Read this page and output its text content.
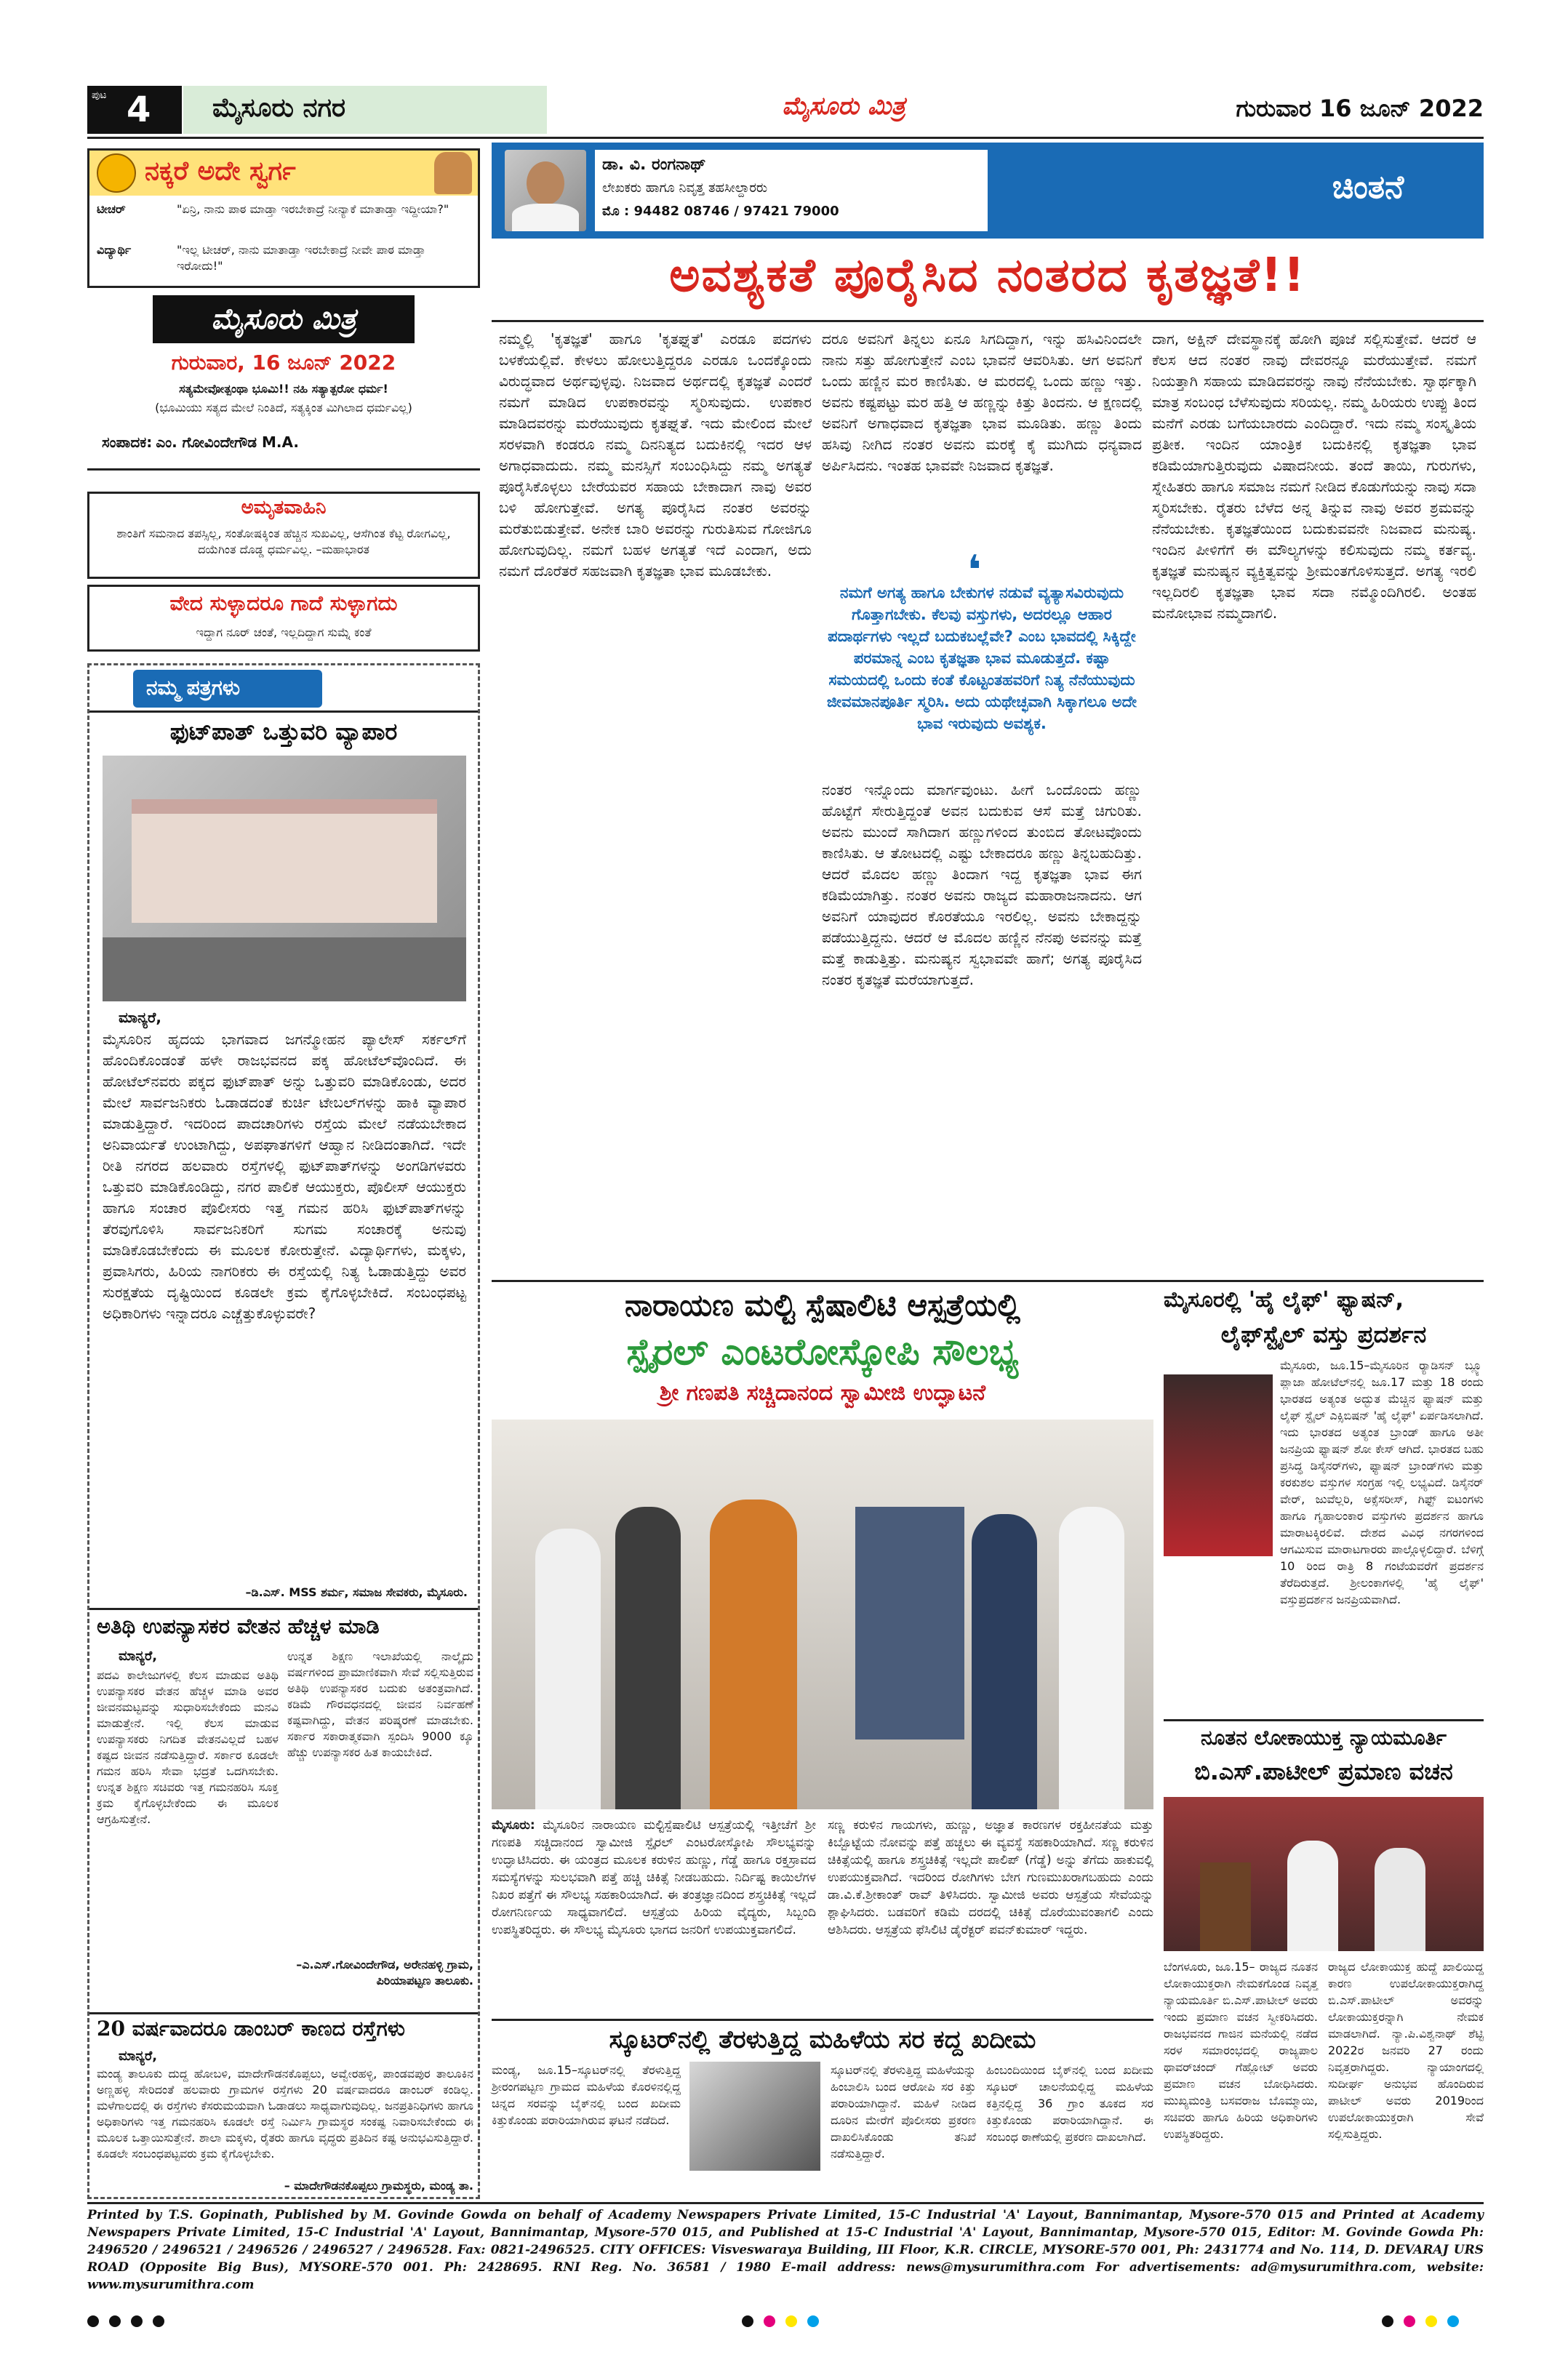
ಪುಟ 4 ಮೈಸೂರು ನಗರ	ಮೈಸೂರು ಮಿತ್ರ	ಗುರುವಾರ 16 ಜೂನ್ 2022
ನಕ್ಕರೆ ಅದೇ ಸ್ವರ್ಗ
ಟೀಚರ್	"ಏನ್ರಿ, ನಾನು ಪಾಠ ಮಾಡ್ತಾ ಇರಬೇಕಾದ್ರೆ ನೀನ್ಯಾಕೆ ಮಾತಾಡ್ತಾ ಇದ್ದೀಯಾ?"
ವಿದ್ಯಾರ್ಥಿ	"ಇಲ್ಲ ಟೀಚರ್, ನಾನು ಮಾತಾಡ್ತಾ ಇರಬೇಕಾದ್ರೆ ನೀವೇ ಪಾಠ ಮಾಡ್ತಾ ಇರೋದು!"
ಮೈಸೂರು ಮಿತ್ರ
ಗುರುವಾರ, 16 ಜೂನ್ 2022
ಸತ್ಯಮೇವೋತ್ಪಂಥಾ ಭೂಮಿ!! ನಹಿ ಸತ್ಯಾತ್ಪರೋ ಧರ್ಮ!
(ಭೂಮಿಯು ಸತ್ಯದ ಮೇಲೆ ನಿಂತಿದೆ, ಸತ್ಯಕ್ಕಿಂತ ಮಿಗಿಲಾದ ಧರ್ಮವಿಲ್ಲ)
ಸಂಪಾದಕ: ಎಂ. ಗೋವಿಂದೇಗೌಡ M.A.
ಅಮೃತವಾಹಿನಿ
ಶಾಂತಿಗೆ ಸಮನಾದ ತಪಸ್ಸಿಲ್ಲ, ಸಂತೋಷಕ್ಕಿಂತ ಹೆಚ್ಚಿನ ಸುಖವಿಲ್ಲ, ಆಸೆಗಿಂತ ಕೆಟ್ಟ ರೋಗವಿಲ್ಲ, ದಯೆಗಿಂತ ದೊಡ್ಡ ಧರ್ಮವಿಲ್ಲ. –ಮಹಾಭಾರತ
ವೇದ ಸುಳ್ಳಾದರೂ ಗಾದೆ ಸುಳ್ಳಾಗದು
ಇದ್ದಾಗ ನೂರ್ ಚಂತೆ, ಇಲ್ಲದಿದ್ದಾಗ ಸುಮ್ನೆ ಕಂತೆ
ನಮ್ಮ ಪತ್ರಗಳು
ಫುಟ್‌ಪಾತ್ ಒತ್ತುವರಿ ವ್ಯಾಪಾರ
ಮಾನ್ಯರೆ,
ಮೈಸೂರಿನ ಹೃದಯ ಭಾಗವಾದ ಜಗನ್ಮೋಹನ ಪ್ಯಾಲೇಸ್ ಸರ್ಕಲ್‌ಗೆ ಹೊಂದಿಕೊಂಡಂತೆ ಹಳೇ ರಾಜಭವನದ ಪಕ್ಕ ಹೋಟೆಲ್‌ವೊಂದಿದೆ. ಈ ಹೋಟೆಲ್‌ನವರು ಪಕ್ಕದ ಫುಟ್‌ಪಾತ್ ಅನ್ನು ಒತ್ತುವರಿ ಮಾಡಿಕೊಂಡು, ಅದರ ಮೇಲೆ ಸಾರ್ವಜನಿಕರು ಓಡಾಡದಂತೆ ಕುರ್ಚಿ ಟೇಬಲ್‌ಗಳನ್ನು ಹಾಕಿ ವ್ಯಾಪಾರ ಮಾಡುತ್ತಿದ್ದಾರೆ. ಇದರಿಂದ ಪಾದಚಾರಿಗಳು ರಸ್ತೆಯ ಮೇಲೆ ನಡೆಯಬೇಕಾದ ಅನಿವಾರ್ಯತೆ ಉಂಟಾಗಿದ್ದು, ಅಪಘಾತಗಳಿಗೆ ಆಹ್ವಾನ ನೀಡಿದಂತಾಗಿದೆ. ಇದೇ ರೀತಿ ನಗರದ ಹಲವಾರು ರಸ್ತೆಗಳಲ್ಲಿ ಫುಟ್‌ಪಾತ್‌ಗಳನ್ನು ಅಂಗಡಿಗಳವರು ಒತ್ತುವರಿ ಮಾಡಿಕೊಂಡಿದ್ದು, ನಗರ ಪಾಲಿಕೆ ಆಯುಕ್ತರು, ಪೊಲೀಸ್ ಆಯುಕ್ತರು ಹಾಗೂ ಸಂಚಾರ ಪೊಲೀಸರು ಇತ್ತ ಗಮನ ಹರಿಸಿ ಫುಟ್‌ಪಾತ್‌ಗಳನ್ನು ತೆರವುಗೊಳಿಸಿ ಸಾರ್ವಜನಿಕರಿಗೆ ಸುಗಮ ಸಂಚಾರಕ್ಕೆ ಅನುವು ಮಾಡಿಕೊಡಬೇಕೆಂದು ಈ ಮೂಲಕ ಕೋರುತ್ತೇನೆ. ವಿದ್ಯಾರ್ಥಿಗಳು, ಮಕ್ಕಳು, ಪ್ರವಾಸಿಗರು, ಹಿರಿಯ ನಾಗರಿಕರು ಈ ರಸ್ತೆಯಲ್ಲಿ ನಿತ್ಯ ಓಡಾಡುತ್ತಿದ್ದು ಅವರ ಸುರಕ್ಷತೆಯ ದೃಷ್ಟಿಯಿಂದ ಕೂಡಲೇ ಕ್ರಮ ಕೈಗೊಳ್ಳಬೇಕಿದೆ. ಸಂಬಂಧಪಟ್ಟ ಅಧಿಕಾರಿಗಳು ಇನ್ನಾದರೂ ಎಚ್ಚೆತ್ತುಕೊಳ್ಳುವರೇ?
–ಡಿ.ಎಸ್. MSS ಶರ್ಮ, ಸಮಾಜ ಸೇವಕರು, ಮೈಸೂರು.
ಅತಿಥಿ ಉಪನ್ಯಾಸಕರ ವೇತನ ಹೆಚ್ಚಳ ಮಾಡಿ
ಮಾನ್ಯರೆ,
ಪದವಿ ಕಾಲೇಜುಗಳಲ್ಲಿ ಕೆಲಸ ಮಾಡುವ ಅತಿಥಿ ಉಪನ್ಯಾಸಕರ ವೇತನ ಹೆಚ್ಚಳ ಮಾಡಿ ಅವರ ಜೀವನಮಟ್ಟವನ್ನು ಸುಧಾರಿಸಬೇಕೆಂದು ಮನವಿ ಮಾಡುತ್ತೇನೆ. ಇಲ್ಲಿ ಕೆಲಸ ಮಾಡುವ ಉಪನ್ಯಾಸಕರು ನಿಗದಿತ ವೇತನವಿಲ್ಲದೆ ಬಹಳ ಕಷ್ಟದ ಜೀವನ ನಡೆಸುತ್ತಿದ್ದಾರೆ. ಸರ್ಕಾರ ಕೂಡಲೇ ಗಮನ ಹರಿಸಿ ಸೇವಾ ಭದ್ರತೆ ಒದಗಿಸಬೇಕು. ಉನ್ನತ ಶಿಕ್ಷಣ ಸಚಿವರು ಇತ್ತ ಗಮನಹರಿಸಿ ಸೂಕ್ತ ಕ್ರಮ ಕೈಗೊಳ್ಳಬೇಕೆಂದು ಈ ಮೂಲಕ ಆಗ್ರಹಿಸುತ್ತೇನೆ.
ಉನ್ನತ ಶಿಕ್ಷಣ ಇಲಾಖೆಯಲ್ಲಿ ನಾಲ್ಕೈದು ವರ್ಷಗಳಿಂದ ಪ್ರಾಮಾಣಿಕವಾಗಿ ಸೇವೆ ಸಲ್ಲಿಸುತ್ತಿರುವ ಅತಿಥಿ ಉಪನ್ಯಾಸಕರ ಬದುಕು ಅತಂತ್ರವಾಗಿದೆ. ಕಡಿಮೆ ಗೌರವಧನದಲ್ಲಿ ಜೀವನ ನಿರ್ವಹಣೆ ಕಷ್ಟವಾಗಿದ್ದು, ವೇತನ ಪರಿಷ್ಕರಣೆ ಮಾಡಬೇಕು. ಸರ್ಕಾರ ಸಕಾರಾತ್ಮಕವಾಗಿ ಸ್ಪಂದಿಸಿ 9000 ಕ್ಕೂ ಹೆಚ್ಚು ಉಪನ್ಯಾಸಕರ ಹಿತ ಕಾಯಬೇಕಿದೆ.
–ಎ.ಎಸ್.ಗೋವಿಂದೇಗೌಡ, ಅರೇನಹಳ್ಳಿ ಗ್ರಾಮ, ಪಿರಿಯಾಪಟ್ಟಣ ತಾಲೂಕು.
20 ವರ್ಷವಾದರೂ ಡಾಂಬರ್ ಕಾಣದ ರಸ್ತೆಗಳು
ಮಾನ್ಯರೆ,
ಮಂಡ್ಯ ತಾಲೂಕು ದುದ್ದ ಹೋಬಳಿ, ಮಾದೇಗೌಡನಕೊಪ್ಪಲು, ಅವ್ವೇರಹಳ್ಳಿ, ಪಾಂಡವಪುರ ತಾಲೂಕಿನ ಅಣ್ಣಹಳ್ಳಿ ಸೇರಿದಂತೆ ಹಲವಾರು ಗ್ರಾಮಗಳ ರಸ್ತೆಗಳು 20 ವರ್ಷವಾದರೂ ಡಾಂಬರ್ ಕಂಡಿಲ್ಲ. ಮಳೆಗಾಲದಲ್ಲಿ ಈ ರಸ್ತೆಗಳು ಕೆಸರುಮಯವಾಗಿ ಓಡಾಡಲು ಸಾಧ್ಯವಾಗುವುದಿಲ್ಲ. ಜನಪ್ರತಿನಿಧಿಗಳು ಹಾಗೂ ಅಧಿಕಾರಿಗಳು ಇತ್ತ ಗಮನಹರಿಸಿ ಕೂಡಲೇ ರಸ್ತೆ ನಿರ್ಮಿಸಿ ಗ್ರಾಮಸ್ಥರ ಸಂಕಷ್ಟ ನಿವಾರಿಸಬೇಕೆಂದು ಈ ಮೂಲಕ ಒತ್ತಾಯಿಸುತ್ತೇನೆ. ಶಾಲಾ ಮಕ್ಕಳು, ರೈತರು ಹಾಗೂ ವೃದ್ಧರು ಪ್ರತಿದಿನ ಕಷ್ಟ ಅನುಭವಿಸುತ್ತಿದ್ದಾರೆ. ಕೂಡಲೇ ಸಂಬಂಧಪಟ್ಟವರು ಕ್ರಮ ಕೈಗೊಳ್ಳಬೇಕು.
– ಮಾದೇಗೌಡನಕೊಪ್ಪಲು ಗ್ರಾಮಸ್ಥರು, ಮಂಡ್ಯ ತಾ.
ಡಾ. ವಿ. ರಂಗನಾಥ್
ಲೇಖಕರು ಹಾಗೂ ನಿವೃತ್ತ ತಹಸೀಲ್ದಾರರು
ಮೊ : 94482 08746 / 97421 79000
ಚಿಂತನೆ
ಅವಶ್ಯಕತೆ ಪೂರೈಸಿದ ನಂತರದ ಕೃತಜ್ಞತೆ!!
ನಮ್ಮಲ್ಲಿ 'ಕೃತಜ್ಞತೆ' ಹಾಗೂ 'ಕೃತಘ್ನತೆ' ಎರಡೂ ಪದಗಳು ಬಳಕೆಯಲ್ಲಿವೆ. ಕೇಳಲು ಹೋಲುತ್ತಿದ್ದರೂ ಎರಡೂ ಒಂದಕ್ಕೊಂದು ವಿರುದ್ಧವಾದ ಅರ್ಥವುಳ್ಳವು. ನಿಜವಾದ ಅರ್ಥದಲ್ಲಿ ಕೃತಜ್ಞತೆ ಎಂದರೆ ನಮಗೆ ಮಾಡಿದ ಉಪಕಾರವನ್ನು ಸ್ಮರಿಸುವುದು. ಉಪಕಾರ ಮಾಡಿದವರನ್ನು ಮರೆಯುವುದು ಕೃತಘ್ನತೆ. ಇದು ಮೇಲಿಂದ ಮೇಲೆ ಸರಳವಾಗಿ ಕಂಡರೂ ನಮ್ಮ ದಿನನಿತ್ಯದ ಬದುಕಿನಲ್ಲಿ ಇದರ ಆಳ ಅಗಾಧವಾದುದು. ನಮ್ಮ ಮನಸ್ಸಿಗೆ ಸಂಬಂಧಿಸಿದ್ದು ನಮ್ಮ ಅಗತ್ಯತೆ ಪೂರೈಸಿಕೊಳ್ಳಲು ಬೇರೆಯವರ ಸಹಾಯ ಬೇಕಾದಾಗ ನಾವು ಅವರ ಬಳಿ ಹೋಗುತ್ತೇವೆ. ಅಗತ್ಯ ಪೂರೈಸಿದ ನಂತರ ಅವರನ್ನು ಮರೆತುಬಿಡುತ್ತೇವೆ. ಅನೇಕ ಬಾರಿ ಅವರನ್ನು ಗುರುತಿಸುವ ಗೋಜಿಗೂ ಹೋಗುವುದಿಲ್ಲ. ನಮಗೆ ಬಹಳ ಅಗತ್ಯತೆ ಇದೆ ಎಂದಾಗ, ಅದು ನಮಗೆ ದೊರೆತರೆ ಸಹಜವಾಗಿ ಕೃತಜ್ಞತಾ ಭಾವ ಮೂಡಬೇಕು.
ದರೂ ಅವನಿಗೆ ತಿನ್ನಲು ಏನೂ ಸಿಗದಿದ್ದಾಗ, ಇನ್ನು ಹಸಿವಿನಿಂದಲೇ ನಾನು ಸತ್ತು ಹೋಗುತ್ತೇನೆ ಎಂಬ ಭಾವನೆ ಆವರಿಸಿತು. ಆಗ ಅವನಿಗೆ ಒಂದು ಹಣ್ಣಿನ ಮರ ಕಾಣಿಸಿತು. ಆ ಮರದಲ್ಲಿ ಒಂದು ಹಣ್ಣು ಇತ್ತು. ಅವನು ಕಷ್ಟಪಟ್ಟು ಮರ ಹತ್ತಿ ಆ ಹಣ್ಣನ್ನು ಕಿತ್ತು ತಿಂದನು. ಆ ಕ್ಷಣದಲ್ಲಿ ಅವನಿಗೆ ಅಗಾಧವಾದ ಕೃತಜ್ಞತಾ ಭಾವ ಮೂಡಿತು. ಹಣ್ಣು ತಿಂದು ಹಸಿವು ನೀಗಿದ ನಂತರ ಅವನು ಮರಕ್ಕೆ ಕೈ ಮುಗಿದು ಧನ್ಯವಾದ ಅರ್ಪಿಸಿದನು. ಇಂತಹ ಭಾವವೇ ನಿಜವಾದ ಕೃತಜ್ಞತೆ.
❛
ನಮಗೆ ಅಗತ್ಯ ಹಾಗೂ ಬೇಕುಗಳ ನಡುವೆ ವ್ಯತ್ಯಾಸವಿರುವುದು ಗೊತ್ತಾಗಬೇಕು. ಕೆಲವು ವಸ್ತುಗಳು, ಅದರಲ್ಲೂ ಆಹಾರ ಪದಾರ್ಥಗಳು ಇಲ್ಲದೆ ಬದುಕಬಲ್ಲೆವೇ? ಎಂಬ ಭಾವದಲ್ಲಿ ಸಿಕ್ಕಿದ್ದೇ ಪರಮಾನ್ನ ಎಂಬ ಕೃತಜ್ಞತಾ ಭಾವ ಮೂಡುತ್ತದೆ. ಕಷ್ಟಾ ಸಮಯದಲ್ಲಿ ಒಂದು ಕಂತೆ ಕೊಟ್ಟಂತಹವರಿಗೆ ನಿತ್ಯ ನೆನೆಯುವುದು ಜೀವಮಾನಪೂರ್ತಿ ಸ್ಮರಿಸಿ. ಅದು ಯಥೇಚ್ಛವಾಗಿ ಸಿಕ್ಕಾಗಲೂ ಅದೇ ಭಾವ ಇರುವುದು ಅವಶ್ಯಕ.
ನಂತರ ಇನ್ನೊಂದು ಮಾರ್ಗವುಂಟು. ಹೀಗೆ ಒಂದೊಂದು ಹಣ್ಣು ಹೊಟ್ಟೆಗೆ ಸೇರುತ್ತಿದ್ದಂತೆ ಅವನ ಬದುಕುವ ಆಸೆ ಮತ್ತೆ ಚಿಗುರಿತು. ಅವನು ಮುಂದೆ ಸಾಗಿದಾಗ ಹಣ್ಣುಗಳಿಂದ ತುಂಬಿದ ತೋಟವೊಂದು ಕಾಣಿಸಿತು. ಆ ತೋಟದಲ್ಲಿ ಎಷ್ಟು ಬೇಕಾದರೂ ಹಣ್ಣು ತಿನ್ನಬಹುದಿತ್ತು. ಆದರೆ ಮೊದಲ ಹಣ್ಣು ತಿಂದಾಗ ಇದ್ದ ಕೃತಜ್ಞತಾ ಭಾವ ಈಗ ಕಡಿಮೆಯಾಗಿತ್ತು. ನಂತರ ಅವನು ರಾಜ್ಯದ ಮಹಾರಾಜನಾದನು. ಆಗ ಅವನಿಗೆ ಯಾವುದರ ಕೊರತೆಯೂ ಇರಲಿಲ್ಲ. ಅವನು ಬೇಕಾದ್ದನ್ನು ಪಡೆಯುತ್ತಿದ್ದನು. ಆದರೆ ಆ ಮೊದಲ ಹಣ್ಣಿನ ನೆನಪು ಅವನನ್ನು ಮತ್ತೆ ಮತ್ತೆ ಕಾಡುತ್ತಿತ್ತು. ಮನುಷ್ಯನ ಸ್ವಭಾವವೇ ಹಾಗೆ; ಅಗತ್ಯ ಪೂರೈಸಿದ ನಂತರ ಕೃತಜ್ಞತೆ ಮರೆಯಾಗುತ್ತದೆ.
ದಾಗ, ಅಕ್ಷಿನ್ ದೇವಸ್ಥಾನಕ್ಕೆ ಹೋಗಿ ಪೂಜೆ ಸಲ್ಲಿಸುತ್ತೇವೆ. ಆದರೆ ಆ ಕೆಲಸ ಆದ ನಂತರ ನಾವು ದೇವರನ್ನೂ ಮರೆಯುತ್ತೇವೆ. ನಮಗೆ ನಿಯತ್ತಾಗಿ ಸಹಾಯ ಮಾಡಿದವರನ್ನು ನಾವು ನೆನೆಯಬೇಕು. ಸ್ವಾರ್ಥಕ್ಕಾಗಿ ಮಾತ್ರ ಸಂಬಂಧ ಬೆಳೆಸುವುದು ಸರಿಯಲ್ಲ. ನಮ್ಮ ಹಿರಿಯರು ಉಪ್ಪು ತಿಂದ ಮನೆಗೆ ಎರಡು ಬಗೆಯಬಾರದು ಎಂದಿದ್ದಾರೆ. ಇದು ನಮ್ಮ ಸಂಸ್ಕೃತಿಯ ಪ್ರತೀಕ. ಇಂದಿನ ಯಾಂತ್ರಿಕ ಬದುಕಿನಲ್ಲಿ ಕೃತಜ್ಞತಾ ಭಾವ ಕಡಿಮೆಯಾಗುತ್ತಿರುವುದು ವಿಷಾದನೀಯ. ತಂದೆ ತಾಯಿ, ಗುರುಗಳು, ಸ್ನೇಹಿತರು ಹಾಗೂ ಸಮಾಜ ನಮಗೆ ನೀಡಿದ ಕೊಡುಗೆಯನ್ನು ನಾವು ಸದಾ ಸ್ಮರಿಸಬೇಕು. ರೈತರು ಬೆಳೆದ ಅನ್ನ ತಿನ್ನುವ ನಾವು ಅವರ ಶ್ರಮವನ್ನು ನೆನೆಯಬೇಕು. ಕೃತಜ್ಞತೆಯಿಂದ ಬದುಕುವವನೇ ನಿಜವಾದ ಮನುಷ್ಯ. ಇಂದಿನ ಪೀಳಿಗೆಗೆ ಈ ಮೌಲ್ಯಗಳನ್ನು ಕಲಿಸುವುದು ನಮ್ಮ ಕರ್ತವ್ಯ. ಕೃತಜ್ಞತೆ ಮನುಷ್ಯನ ವ್ಯಕ್ತಿತ್ವವನ್ನು ಶ್ರೀಮಂತಗೊಳಿಸುತ್ತದೆ. ಅಗತ್ಯ ಇರಲಿ ಇಲ್ಲದಿರಲಿ ಕೃತಜ್ಞತಾ ಭಾವ ಸದಾ ನಮ್ಮೊಂದಿಗಿರಲಿ. ಅಂತಹ ಮನೋಭಾವ ನಮ್ಮದಾಗಲಿ.
ನಾರಾಯಣ ಮಲ್ಟಿ ಸ್ಪೆಷಾಲಿಟಿ ಆಸ್ಪತ್ರೆಯಲ್ಲಿ
ಸ್ಪೈರಲ್ ಎಂಟರೋಸ್ಕೋಪಿ ಸೌಲಭ್ಯ
ಶ್ರೀ ಗಣಪತಿ ಸಚ್ಚಿದಾನಂದ ಸ್ವಾಮೀಜಿ ಉದ್ಘಾಟನೆ
ಮೈಸೂರು: ಮೈಸೂರಿನ ನಾರಾಯಣ ಮಲ್ಟಿಸ್ಪೆಷಾಲಿಟಿ ಆಸ್ಪತ್ರೆಯಲ್ಲಿ ಇತ್ತೀಚೆಗೆ ಶ್ರೀ ಗಣಪತಿ ಸಚ್ಚಿದಾನಂದ ಸ್ವಾಮೀಜಿ ಸ್ಪೈರಲ್ ಎಂಟರೋಸ್ಕೋಪಿ ಸೌಲಭ್ಯವನ್ನು ಉದ್ಘಾಟಿಸಿದರು. ಈ ಯಂತ್ರದ ಮೂಲಕ ಕರುಳಿನ ಹುಣ್ಣು, ಗೆಡ್ಡೆ ಹಾಗೂ ರಕ್ತಸ್ರಾವದ ಸಮಸ್ಯೆಗಳನ್ನು ಸುಲಭವಾಗಿ ಪತ್ತೆ ಹಚ್ಚಿ ಚಿಕಿತ್ಸೆ ನೀಡಬಹುದು. ನಿರ್ದಿಷ್ಟ ಕಾಯಿಲೆಗಳ ನಿಖರ ಪತ್ತೆಗೆ ಈ ಸೌಲಭ್ಯ ಸಹಕಾರಿಯಾಗಿದೆ. ಈ ತಂತ್ರಜ್ಞಾನದಿಂದ ಶಸ್ತ್ರಚಿಕಿತ್ಸೆ ಇಲ್ಲದೆ ರೋಗನಿರ್ಣಯ ಸಾಧ್ಯವಾಗಲಿದೆ. ಆಸ್ಪತ್ರೆಯ ಹಿರಿಯ ವೈದ್ಯರು, ಸಿಬ್ಬಂದಿ ಉಪಸ್ಥಿತರಿದ್ದರು. ಈ ಸೌಲಭ್ಯ ಮೈಸೂರು ಭಾಗದ ಜನರಿಗೆ ಉಪಯುಕ್ತವಾಗಲಿದೆ.
ಸಣ್ಣ ಕರುಳಿನ ಗಾಯಗಳು, ಹುಣ್ಣು, ಅಜ್ಞಾತ ಕಾರಣಗಳ ರಕ್ತಹೀನತೆಯ ಮತ್ತು ಕಿಬ್ಬೊಟ್ಟೆಯ ನೋವನ್ನು ಪತ್ತೆ ಹಚ್ಚಲು ಈ ವ್ಯವಸ್ಥೆ ಸಹಕಾರಿಯಾಗಿದೆ. ಸಣ್ಣ ಕರುಳಿನ ಚಿಕಿತ್ಸೆಯಲ್ಲಿ ಹಾಗೂ ಶಸ್ತ್ರಚಿಕಿತ್ಸೆ ಇಲ್ಲದೇ ಪಾಲಿಪ್ (ಗೆಡ್ಡೆ) ಅನ್ನು ತೆಗೆದು ಹಾಕುವಲ್ಲಿ ಉಪಯುಕ್ತವಾಗಿದೆ. ಇದರಿಂದ ರೋಗಿಗಳು ಬೇಗ ಗುಣಮುಖರಾಗಬಹುದು ಎಂದು ಡಾ.ವಿ.ಕೆ.ಶ್ರೀಕಾಂತ್ ರಾವ್ ತಿಳಿಸಿದರು. ಸ್ವಾಮೀಜಿ ಅವರು ಆಸ್ಪತ್ರೆಯ ಸೇವೆಯನ್ನು ಶ್ಲಾಘಿಸಿದರು. ಬಡವರಿಗೆ ಕಡಿಮೆ ದರದಲ್ಲಿ ಚಿಕಿತ್ಸೆ ದೊರೆಯುವಂತಾಗಲಿ ಎಂದು ಆಶಿಸಿದರು. ಆಸ್ಪತ್ರೆಯ ಫೆಸಿಲಿಟಿ ಡೈರೆಕ್ಟರ್ ಪವನ್‌ಕುಮಾರ್ ಇದ್ದರು.
ಸ್ಕೂಟರ್‌ನಲ್ಲಿ ತೆರಳುತ್ತಿದ್ದ ಮಹಿಳೆಯ ಸರ ಕದ್ದ ಖದೀಮ
ಮಂಡ್ಯ, ಜೂ.15–ಸ್ಕೂಟರ್‌ನಲ್ಲಿ ತೆರಳುತ್ತಿದ್ದ ಶ್ರೀರಂಗಪಟ್ಟಣ ಗ್ರಾಮದ ಮಹಿಳೆಯ ಕೊರಳಿನಲ್ಲಿದ್ದ ಚಿನ್ನದ ಸರವನ್ನು ಬೈಕ್‌ನಲ್ಲಿ ಬಂದ ಖದೀಮ ಕಿತ್ತುಕೊಂಡು ಪರಾರಿಯಾಗಿರುವ ಘಟನೆ ನಡೆದಿದೆ.
ಸ್ಕೂಟರ್‌ನಲ್ಲಿ ತೆರಳುತ್ತಿದ್ದ ಮಹಿಳೆಯನ್ನು ಹಿಂಬಾಲಿಸಿ ಬಂದ ಆರೋಪಿ ಸರ ಕಿತ್ತು ಪರಾರಿಯಾಗಿದ್ದಾನೆ. ಮಹಿಳೆ ನೀಡಿದ ದೂರಿನ ಮೇರೆಗೆ ಪೊಲೀಸರು ಪ್ರಕರಣ ದಾಖಲಿಸಿಕೊಂಡು ತನಿಖೆ ನಡೆಸುತ್ತಿದ್ದಾರೆ.
ಹಿಂಬಂದಿಯಿಂದ ಬೈಕ್‌ನಲ್ಲಿ ಬಂದ ಖದೀಮ ಸ್ಕೂಟರ್ ಚಾಲನೆಯಲ್ಲಿದ್ದ ಮಹಿಳೆಯ ಕತ್ತಿನಲ್ಲಿದ್ದ 36 ಗ್ರಾಂ ತೂಕದ ಸರ ಕಿತ್ತುಕೊಂಡು ಪರಾರಿಯಾಗಿದ್ದಾನೆ. ಈ ಸಂಬಂಧ ಠಾಣೆಯಲ್ಲಿ ಪ್ರಕರಣ ದಾಖಲಾಗಿದೆ.
ಮೈಸೂರಲ್ಲಿ 'ಹೈ ಲೈಫ್' ಫ್ಯಾಷನ್,
ಲೈಫ್‌ಸ್ಟೈಲ್ ವಸ್ತು ಪ್ರದರ್ಶನ
ಮೈಸೂರು, ಜೂ.15–ಮೈಸೂರಿನ ರ‍್ಯಾಡಿಸನ್ ಬ್ಲ್ಯೂ ಪ್ಲಾಜಾ ಹೋಟೆಲ್‌ನಲ್ಲಿ ಜೂ.17 ಮತ್ತು 18 ರಂದು ಭಾರತದ ಅತ್ಯಂತ ಅದ್ಭುತ ಮೆಚ್ಚಿನ ಫ್ಯಾಷನ್ ಮತ್ತು ಲೈಫ್ ಸ್ಟೈಲ್ ಎಕ್ಸಿಬಿಷನ್ 'ಹೈ ಲೈಫ್' ಏರ್ಪಡಿಸಲಾಗಿದೆ. ಇದು ಭಾರತದ ಅತ್ಯಂತ ಬ್ರಾಂಡ್ ಹಾಗೂ ಅತೀ ಜನಪ್ರಿಯ ಫ್ಯಾಷನ್ ಶೋ ಕೇಸ್ ಆಗಿದೆ. ಭಾರತದ ಬಹು ಪ್ರಸಿದ್ಧ ಡಿಸೈನರ್‌ಗಳು, ಫ್ಯಾಷನ್ ಬ್ರಾಂಡ್‌ಗಳು ಮತ್ತು ಕರಕುಶಲ ವಸ್ತುಗಳ ಸಂಗ್ರಹ ಇಲ್ಲಿ ಲಭ್ಯವಿದೆ. ಡಿಸೈನರ್ ವೇರ್, ಜುವೆಲ್ಲರಿ, ಅಕ್ಸೆಸರೀಸ್, ಗಿಫ್ಟ್ ಐಟಂಗಳು ಹಾಗೂ ಗೃಹಾಲಂಕಾರ ವಸ್ತುಗಳು ಪ್ರದರ್ಶನ ಹಾಗೂ ಮಾರಾಟಕ್ಕಿರಲಿವೆ. ದೇಶದ ವಿವಿಧ ನಗರಗಳಿಂದ ಆಗಮಿಸುವ ಮಾರಾಟಗಾರರು ಪಾಲ್ಗೊಳ್ಳಲಿದ್ದಾರೆ. ಬೆಳಿಗ್ಗೆ 10 ರಿಂದ ರಾತ್ರಿ 8 ಗಂಟೆಯವರೆಗೆ ಪ್ರದರ್ಶನ ತೆರೆದಿರುತ್ತದೆ. ಶ್ರೀಲಂಕಾಗಳಲ್ಲಿ 'ಹೈ ಲೈಫ್' ವಸ್ತುಪ್ರದರ್ಶನ ಜನಪ್ರಿಯವಾಗಿದೆ.
ನೂತನ ಲೋಕಾಯುಕ್ತ ನ್ಯಾಯಮೂರ್ತಿ
ಬಿ.ಎಸ್.ಪಾಟೀಲ್ ಪ್ರಮಾಣ ವಚನ
ಬೆಂಗಳೂರು, ಜೂ.15– ರಾಜ್ಯದ ನೂತನ ಲೋಕಾಯುಕ್ತರಾಗಿ ನೇಮಕಗೊಂಡ ನಿವೃತ್ತ ನ್ಯಾಯಮೂರ್ತಿ ಬಿ.ಎಸ್.ಪಾಟೀಲ್ ಅವರು ಇಂದು ಪ್ರಮಾಣ ವಚನ ಸ್ವೀಕರಿಸಿದರು. ರಾಜಭವನದ ಗಾಜಿನ ಮನೆಯಲ್ಲಿ ನಡೆದ ಸರಳ ಸಮಾರಂಭದಲ್ಲಿ ರಾಜ್ಯಪಾಲ ಥಾವರ್‌ಚಂದ್ ಗೆಹ್ಲೋಟ್ ಅವರು ಪ್ರಮಾಣ ವಚನ ಬೋಧಿಸಿದರು. ಮುಖ್ಯಮಂತ್ರಿ ಬಸವರಾಜ ಬೊಮ್ಮಾಯಿ, ಸಚಿವರು ಹಾಗೂ ಹಿರಿಯ ಅಧಿಕಾರಿಗಳು ಉಪಸ್ಥಿತರಿದ್ದರು.
ರಾಜ್ಯದ ಲೋಕಾಯುಕ್ತ ಹುದ್ದೆ ಖಾಲಿಯಿದ್ದ ಕಾರಣ ಉಪಲೋಕಾಯುಕ್ತರಾಗಿದ್ದ ಬಿ.ಎಸ್.ಪಾಟೀಲ್ ಅವರನ್ನು ಲೋಕಾಯುಕ್ತರನ್ನಾಗಿ ನೇಮಕ ಮಾಡಲಾಗಿದೆ. ನ್ಯಾ.ಪಿ.ವಿಶ್ವನಾಥ್ ಶೆಟ್ಟಿ 2022ರ ಜನವರಿ 27 ರಂದು ನಿವೃತ್ತರಾಗಿದ್ದರು. ನ್ಯಾಯಾಂಗದಲ್ಲಿ ಸುದೀರ್ಘ ಅನುಭವ ಹೊಂದಿರುವ ಪಾಟೀಲ್ ಅವರು 2019ರಿಂದ ಉಪಲೋಕಾಯುಕ್ತರಾಗಿ ಸೇವೆ ಸಲ್ಲಿಸುತ್ತಿದ್ದರು.
Printed by T.S. Gopinath, Published by M. Govinde Gowda on behalf of Academy Newspapers Private Limited, 15-C Industrial 'A' Layout, Bannimantap, Mysore-570 015 and Printed at Academy Newspapers Private Limited, 15-C Industrial 'A' Layout, Bannimantap, Mysore-570 015, and Published at 15-C Industrial 'A' Layout, Bannimantap, Mysore-570 015, Editor: M. Govinde Gowda Ph: 2496520 / 2496521 / 2496526 / 2496527 / 2496528. Fax: 0821-2496525. CITY OFFICES: Visveswaraya Building, III Floor, K.R. CIRCLE, MYSORE-570 001, Ph: 2431774 and No. 114, D. DEVARAJ URS ROAD (Opposite Big Bus), MYSORE-570 001. Ph: 2428695. RNI Reg. No. 36581 / 1980 E-mail address: news@mysurumithra.com For advertisements: ad@mysurumithra.com, website: www.mysurumithra.com
